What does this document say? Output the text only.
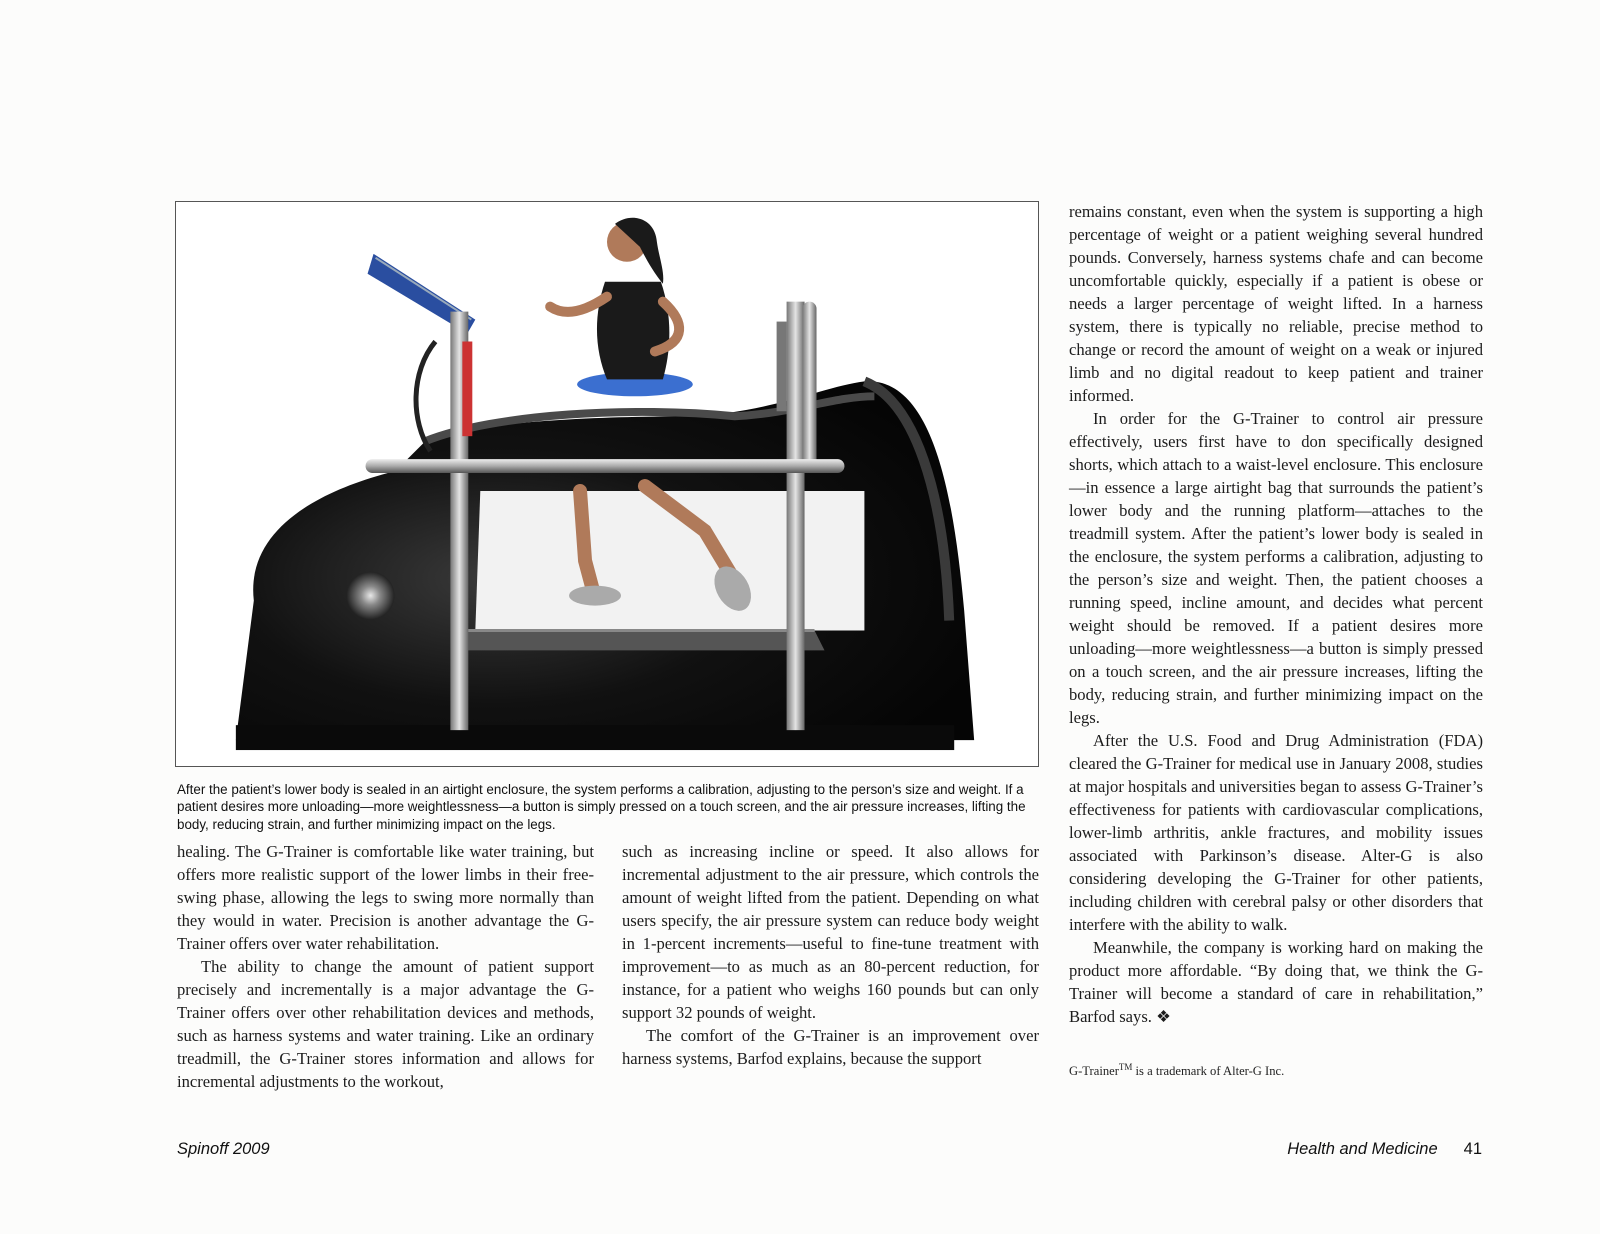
After the patient’s lower body is sealed in an airtight enclosure, the system performs a calibration, adjusting to the person’s size and weight. If a patient desires more unloading—more weightlessness—a button is simply pressed on a touch screen, and the air pressure increases, lifting the body, reducing strain, and further minimizing impact on the legs.

healing. The G-Trainer is comfortable like water training, but offers more realistic support of the lower limbs in their free-swing phase, allowing the legs to swing more normally than they would in water. Precision is another advantage the G-Trainer offers over water rehabilitation.

The ability to change the amount of patient support precisely and incrementally is a major advantage the G-Trainer offers over other rehabilitation devices and methods, such as harness systems and water training. Like an ordinary treadmill, the G-Trainer stores information and allows for incremental adjustments to the workout,

such as increasing incline or speed. It also allows for incremental adjustment to the air pressure, which controls the amount of weight lifted from the patient. Depending on what users specify, the air pressure system can reduce body weight in 1-percent increments—useful to fine-tune treatment with improvement—to as much as an 80-percent reduction, for instance, for a patient who weighs 160 pounds but can only support 32 pounds of weight.

The comfort of the G-Trainer is an improvement over harness systems, Barfod explains, because the support

remains constant, even when the system is supporting a high percentage of weight or a patient weighing several hundred pounds. Conversely, harness systems chafe and can become uncomfortable quickly, especially if a patient is obese or needs a larger percentage of weight lifted. In a harness system, there is typically no reliable, precise method to change or record the amount of weight on a weak or injured limb and no digital readout to keep patient and trainer informed.

In order for the G-Trainer to control air pressure effectively, users first have to don specifically designed shorts, which attach to a waist-level enclosure. This enclosure—in essence a large airtight bag that surrounds the patient’s lower body and the running platform—attaches to the treadmill system. After the patient’s lower body is sealed in the enclosure, the system performs a calibration, adjusting to the person’s size and weight. Then, the patient chooses a running speed, incline amount, and decides what percent weight should be removed. If a patient desires more unloading—more weightlessness—a button is simply pressed on a touch screen, and the air pressure increases, lifting the body, reducing strain, and further minimizing impact on the legs.

After the U.S. Food and Drug Administration (FDA) cleared the G-Trainer for medical use in January 2008, studies at major hospitals and universities began to assess G-Trainer’s effectiveness for patients with cardiovascular complications, lower-limb arthritis, ankle fractures, and mobility issues associated with Parkinson’s disease. Alter-G is also considering developing the G-Trainer for other patients, including children with cerebral palsy or other disorders that interfere with the ability to walk.

Meanwhile, the company is working hard on making the product more affordable. “By doing that, we think the G-Trainer will become a standard of care in rehabilitation,” Barfod says. ❖

G-Trainer™ is a trademark of Alter-G Inc.
Spinoff 2009	Health and Medicine 41
